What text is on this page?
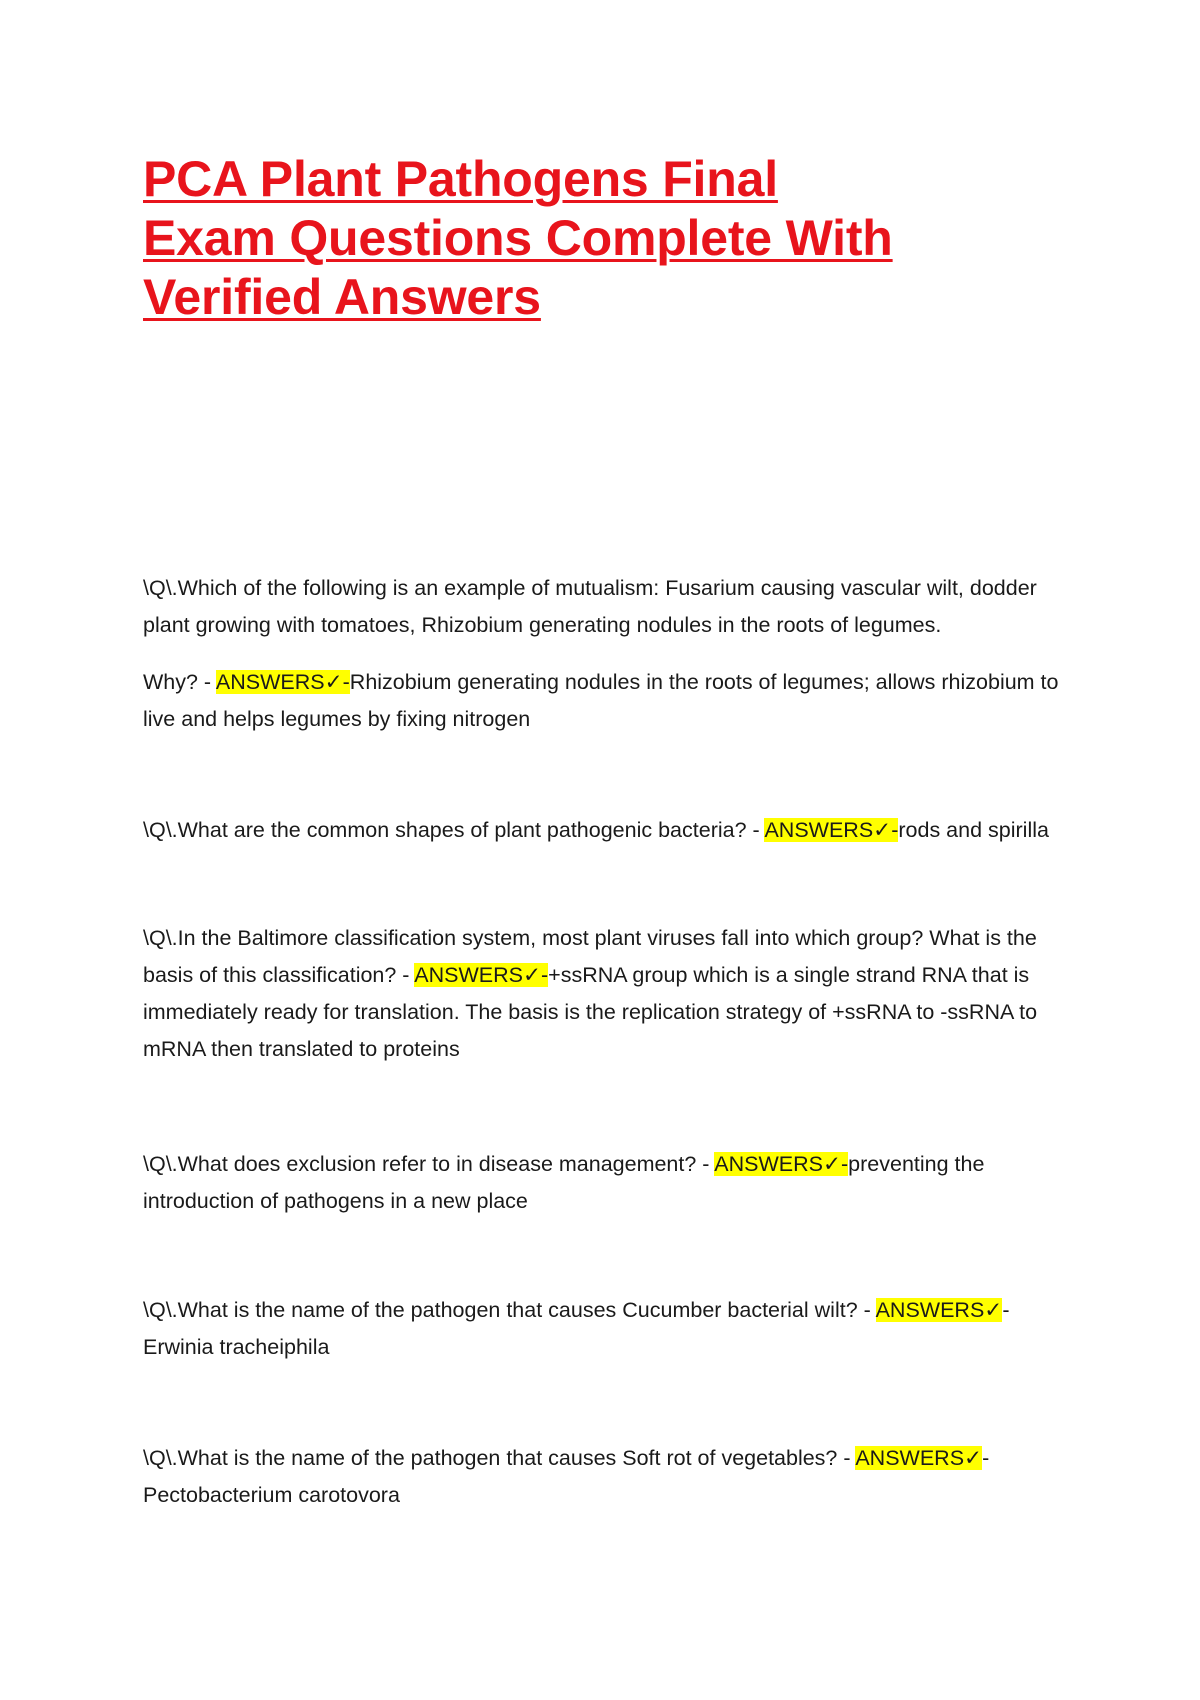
PCA Plant Pathogens Final Exam Questions Complete With Verified Answers

\Q\.Which of the following is an example of mutualism: Fusarium causing vascular wilt, dodder plant growing with tomatoes, Rhizobium generating nodules in the roots of legumes.

Why? - ANSWERS✓-Rhizobium generating nodules in the roots of legumes; allows rhizobium to live and helps legumes by fixing nitrogen

\Q\.What are the common shapes of plant pathogenic bacteria? - ANSWERS✓-rods and spirilla

\Q\.In the Baltimore classification system, most plant viruses fall into which group? What is the basis of this classification? - ANSWERS✓-+ssRNA group which is a single strand RNA that is immediately ready for translation. The basis is the replication strategy of +ssRNA to -ssRNA to mRNA then translated to proteins

\Q\.What does exclusion refer to in disease management? - ANSWERS✓-preventing the introduction of pathogens in a new place

\Q\.What is the name of the pathogen that causes Cucumber bacterial wilt? - ANSWERS✓-
Erwinia tracheiphila

\Q\.What is the name of the pathogen that causes Soft rot of vegetables? - ANSWERS✓-
Pectobacterium carotovora
